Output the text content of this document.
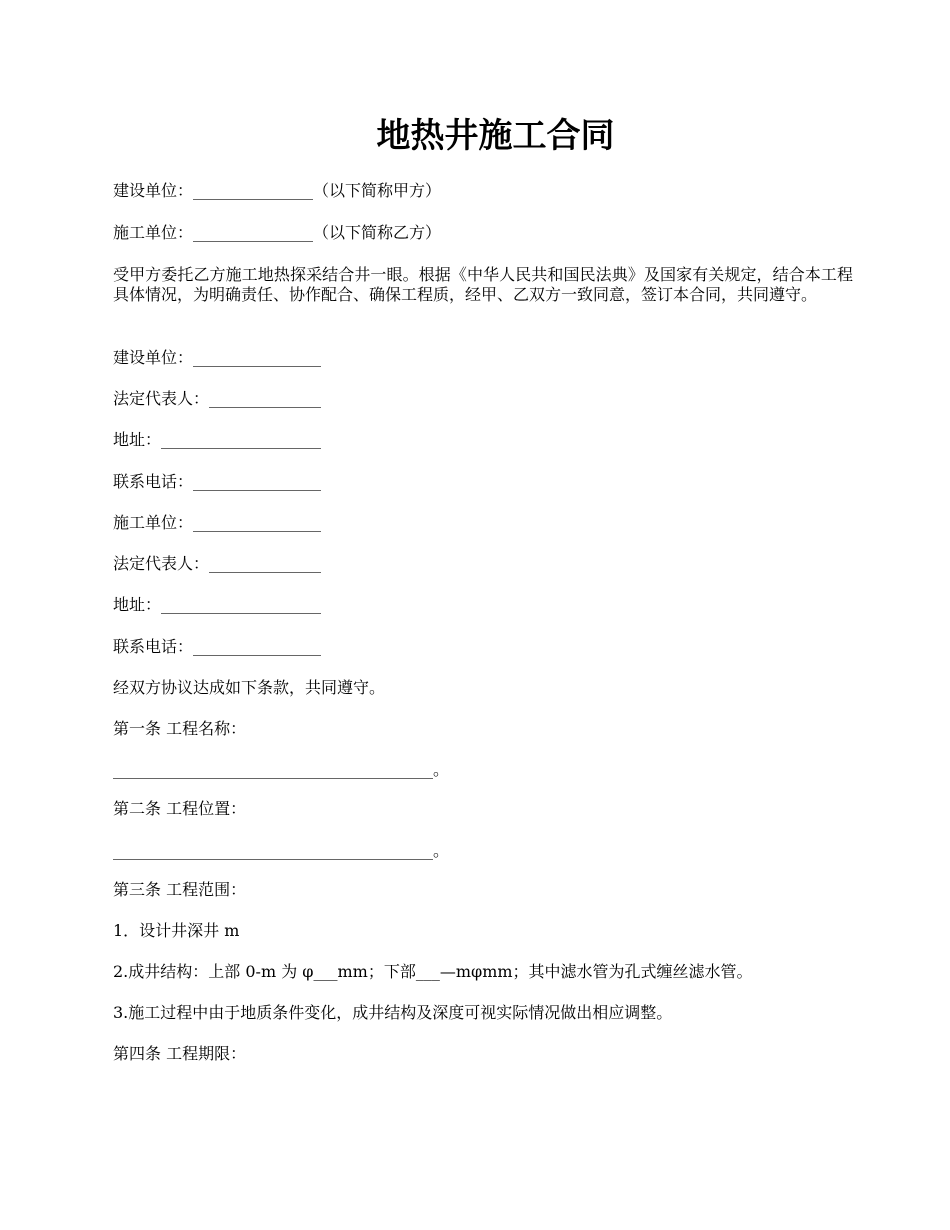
地热井施工合同

建设单位：_______________（以下简称甲方）

施工单位：_______________（以下简称乙方）

受甲方委托乙方施工地热探采结合井一眼。根据《中华人民共和国民法典》及国家有关规定，结合本工程具体情况，为明确责任、协作配合、确保工程质，经甲、乙双方一致同意，签订本合同，共同遵守。

建设单位：________________

法定代表人：______________

地址：____________________

联系电话：________________

施工单位：________________

法定代表人：______________

地址：____________________

联系电话：________________

经双方协议达成如下条款，共同遵守。

第一条 工程名称：

________________________________________。

第二条 工程位置：

________________________________________。

第三条 工程范围：

1．设计井深井 m

2.成井结构：上部 0-m 为 φ___mm；下部___—mφmm；其中滤水管为孔式缠丝滤水管。

3.施工过程中由于地质条件变化，成井结构及深度可视实际情况做出相应调整。

第四条 工程期限：
